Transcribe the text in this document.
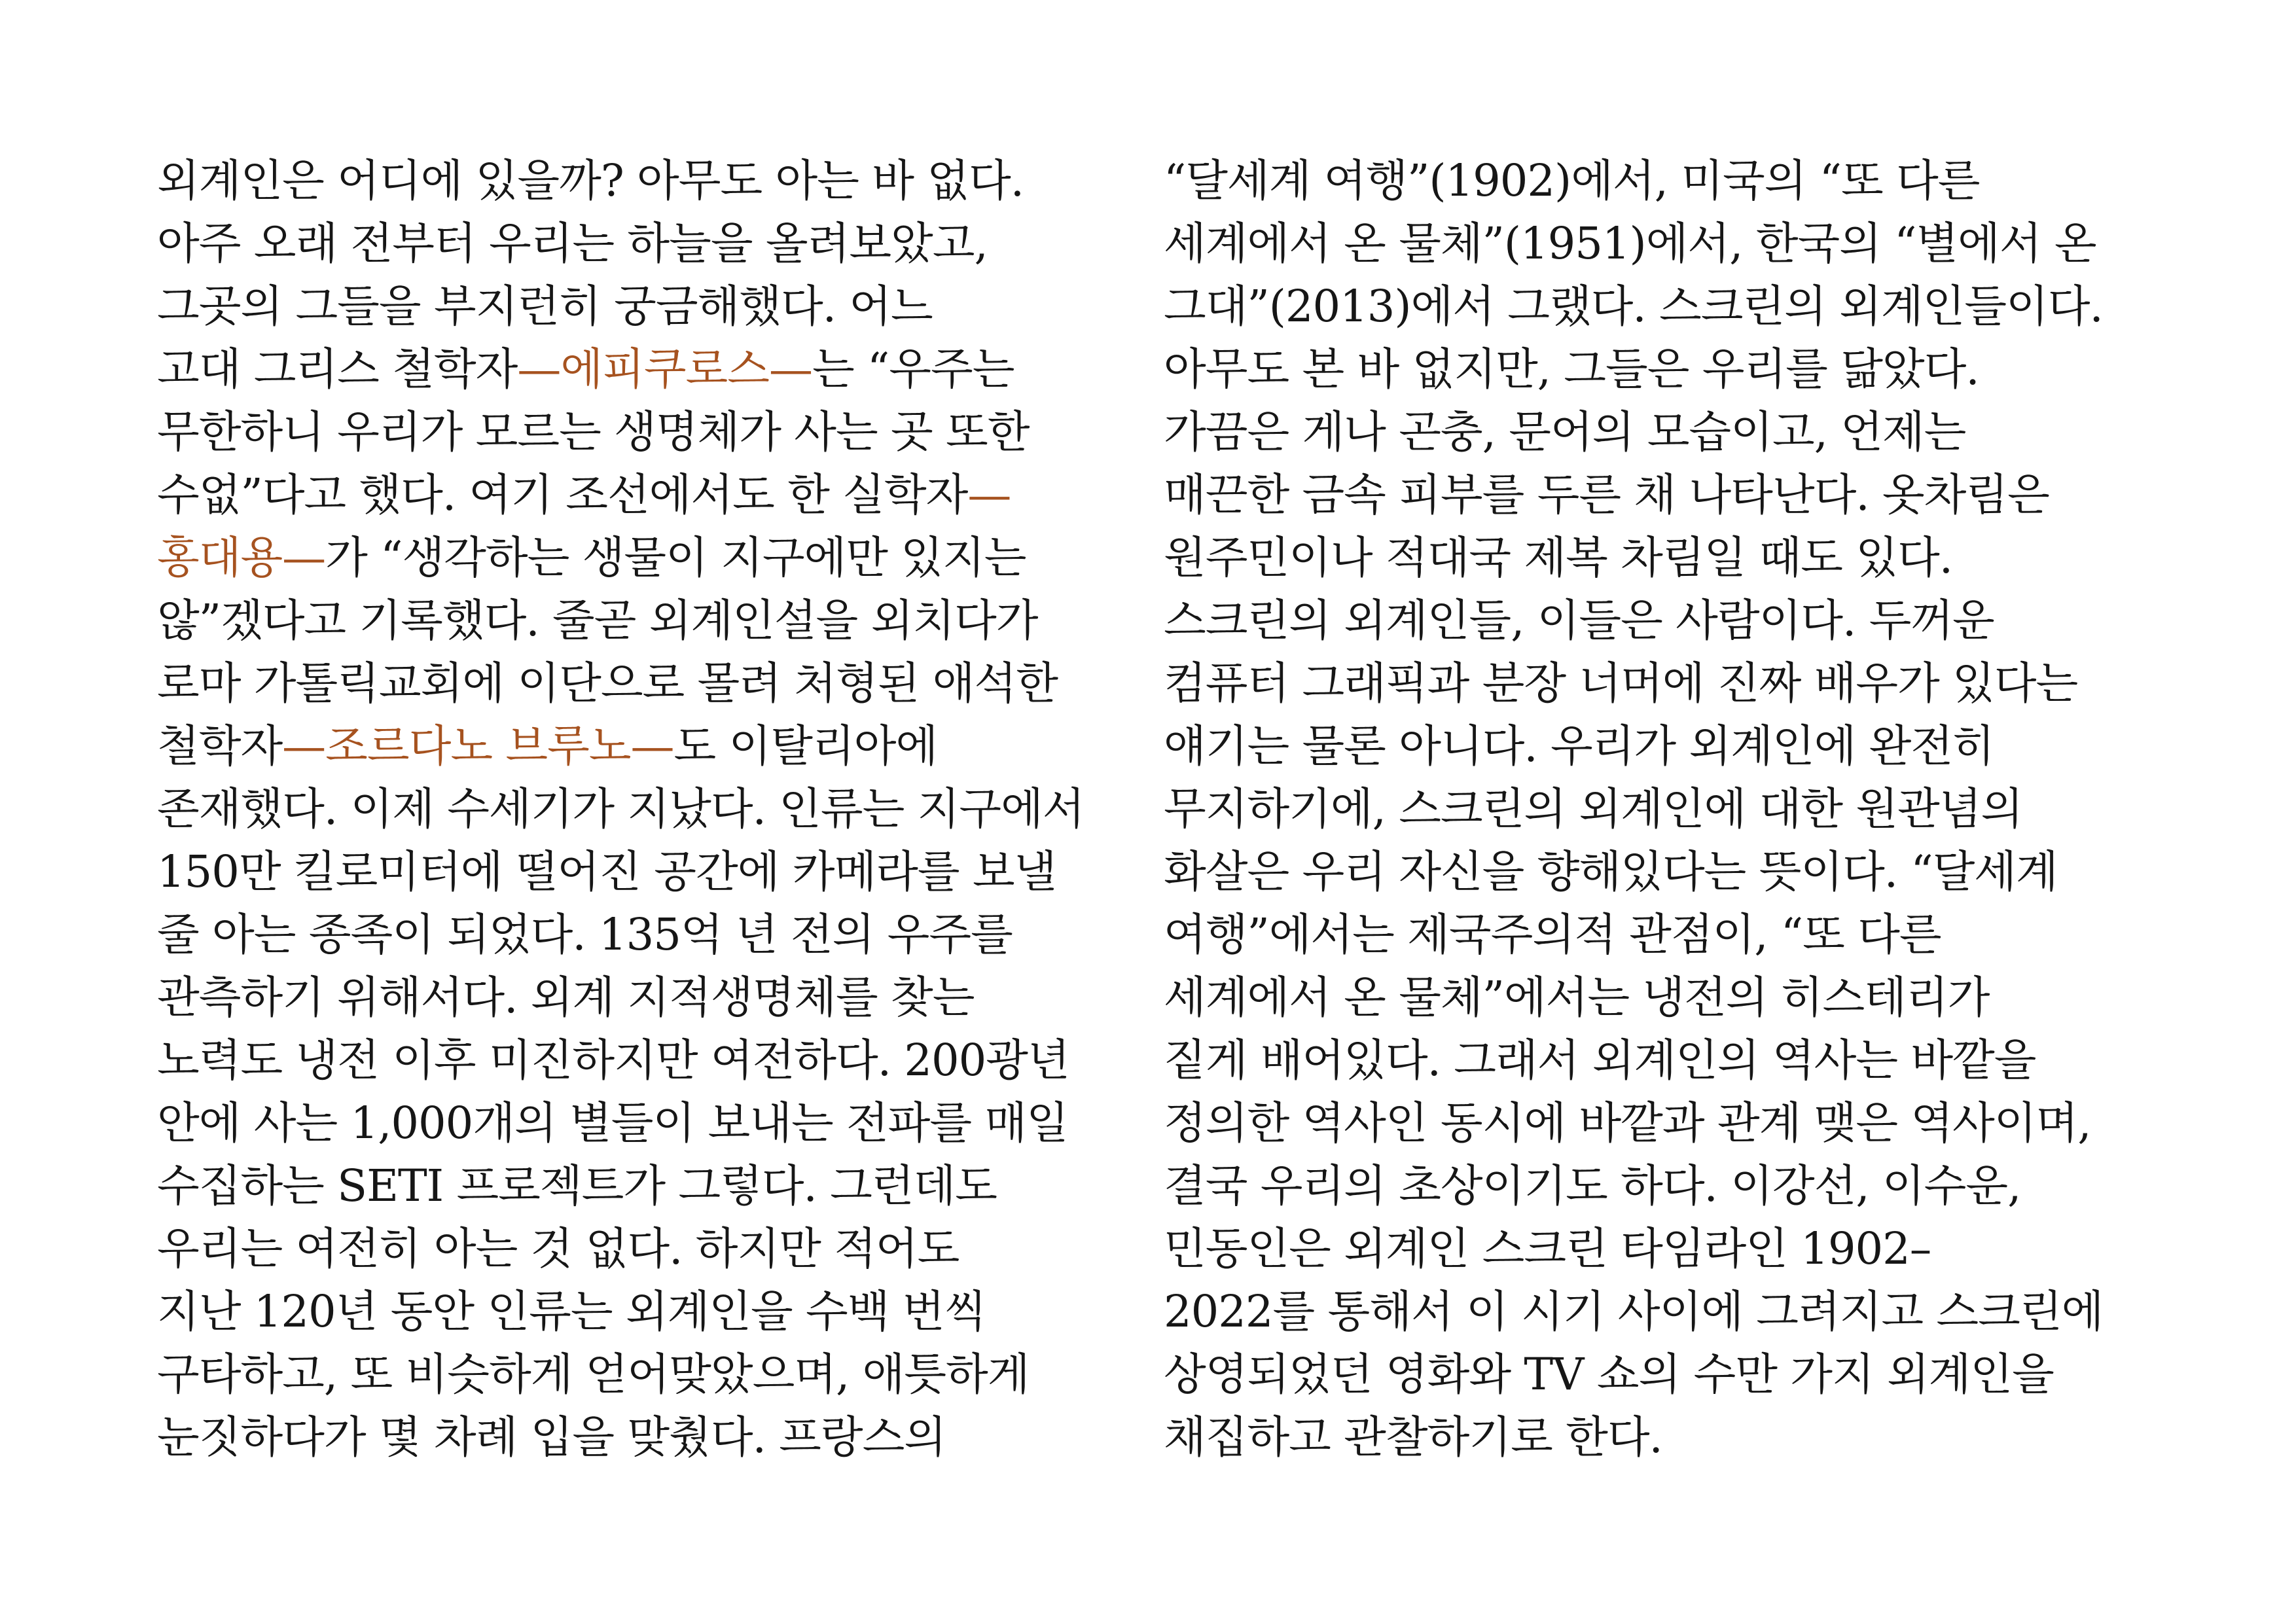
외계인은 어디에 있을까? 아무도 아는 바 없다.
아주 오래 전부터 우리는 하늘을 올려보았고,
그곳의 그들을 부지런히 궁금해했다. 어느
고대 그리스 철학자—에피쿠로스—는 “우주는
무한하니 우리가 모르는 생명체가 사는 곳 또한
수없”다고 했다. 여기 조선에서도 한 실학자—
홍대용—가 “생각하는 생물이 지구에만 있지는
않”겠다고 기록했다. 줄곧 외계인설을 외치다가
로마 가톨릭교회에 이단으로 몰려 처형된 애석한
철학자—조르다노 브루노—도 이탈리아에
존재했다. 이제 수세기가 지났다. 인류는 지구에서
150만 킬로미터에 떨어진 공간에 카메라를 보낼
줄 아는 종족이 되었다. 135억 년 전의 우주를
관측하기 위해서다. 외계 지적생명체를 찾는
노력도 냉전 이후 미진하지만 여전하다. 200광년
안에 사는 1,000개의 별들이 보내는 전파를 매일
수집하는 SETI 프로젝트가 그렇다. 그런데도
우리는 여전히 아는 것 없다. 하지만 적어도
지난 120년 동안 인류는 외계인을 수백 번씩
구타하고, 또 비슷하게 얻어맞았으며, 애틋하게
눈짓하다가 몇 차례 입을 맞췄다. 프랑스의
“달세계 여행”(1902)에서, 미국의 “또 다른
세계에서 온 물체”(1951)에서, 한국의 “별에서 온
그대”(2013)에서 그랬다. 스크린의 외계인들이다.
아무도 본 바 없지만, 그들은 우리를 닮았다.
가끔은 게나 곤충, 문어의 모습이고, 언제는
매끈한 금속 피부를 두른 채 나타난다. 옷차림은
원주민이나 적대국 제복 차림일 때도 있다.
스크린의 외계인들, 이들은 사람이다. 두꺼운
컴퓨터 그래픽과 분장 너머에 진짜 배우가 있다는
얘기는 물론 아니다. 우리가 외계인에 완전히
무지하기에, 스크린의 외계인에 대한 원관념의
화살은 우리 자신을 향해있다는 뜻이다. “달세계
여행”에서는 제국주의적 관점이, “또 다른
세계에서 온 물체”에서는 냉전의 히스테리가
짙게 배어있다. 그래서 외계인의 역사는 바깥을
정의한 역사인 동시에 바깥과 관계 맺은 역사이며,
결국 우리의 초상이기도 하다. 이강선, 이수운,
민동인은 외계인 스크린 타임라인 1902–
2022를 통해서 이 시기 사이에 그려지고 스크린에
상영되었던 영화와 TV 쇼의 수만 가지 외계인을
채집하고 관찰하기로 한다.
